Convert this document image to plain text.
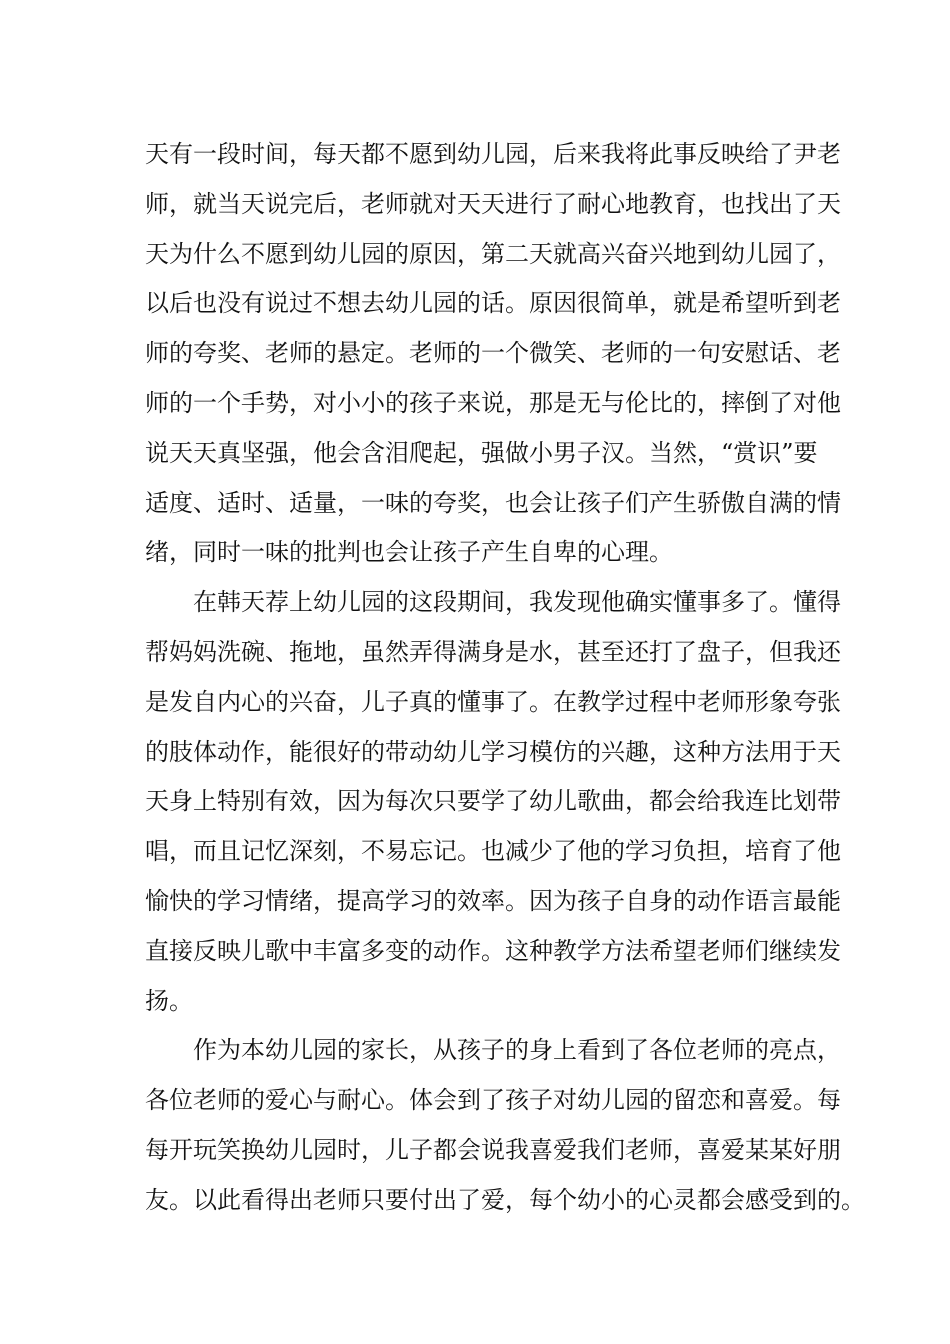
天有一段时间，每天都不愿到幼儿园，后来我将此事反映给了尹老
师，就当天说完后，老师就对天天进行了耐心地教育，也找出了天
天为什么不愿到幼儿园的原因，第二天就高兴奋兴地到幼儿园了，
以后也没有说过不想去幼儿园的话。原因很简单，就是希望听到老
师的夸奖、老师的悬定。老师的一个微笑、老师的一句安慰话、老
师的一个手势，对小小的孩子来说，那是无与伦比的，摔倒了对他
说天天真坚强，他会含泪爬起，强做小男子汉。当然，“赏识”要
适度、适时、适量，一味的夸奖，也会让孩子们产生骄傲自满的情
绪，同时一味的批判也会让孩子产生自卑的心理。
在韩天荐上幼儿园的这段期间，我发现他确实懂事多了。懂得
帮妈妈洗碗、拖地，虽然弄得满身是水，甚至还打了盘子，但我还
是发自内心的兴奋，儿子真的懂事了。在教学过程中老师形象夸张
的肢体动作，能很好的带动幼儿学习模仿的兴趣，这种方法用于天
天身上特别有效，因为每次只要学了幼儿歌曲，都会给我连比划带
唱，而且记忆深刻，不易忘记。也减少了他的学习负担，培育了他
愉快的学习情绪，提高学习的效率。因为孩子自身的动作语言最能
直接反映儿歌中丰富多变的动作。这种教学方法希望老师们继续发
扬。
作为本幼儿园的家长，从孩子的身上看到了各位老师的亮点，
各位老师的爱心与耐心。体会到了孩子对幼儿园的留恋和喜爱。每
每开玩笑换幼儿园时，儿子都会说我喜爱我们老师，喜爱某某好朋
友。以此看得出老师只要付出了爱，每个幼小的心灵都会感受到的。
